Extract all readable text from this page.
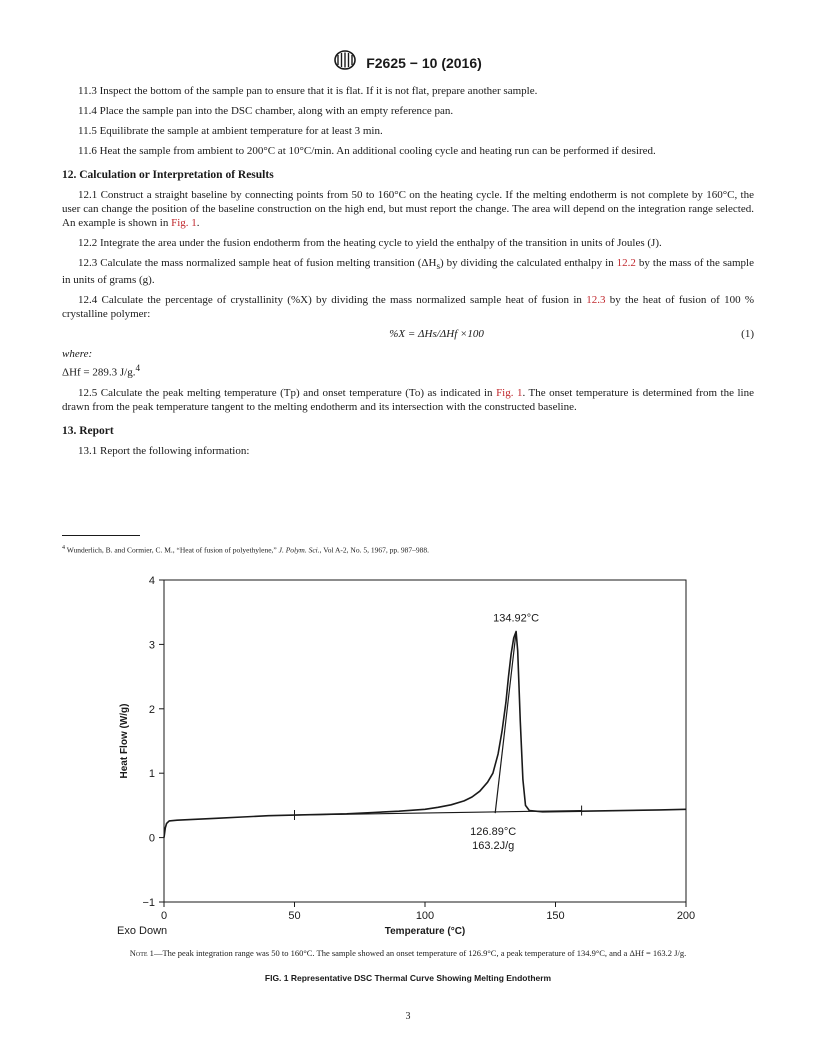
F2625 − 10 (2016)

11.3 Inspect the bottom of the sample pan to ensure that it is flat. If it is not flat, prepare another sample.

11.4 Place the sample pan into the DSC chamber, along with an empty reference pan.

11.5 Equilibrate the sample at ambient temperature for at least 3 min.

11.6 Heat the sample from ambient to 200°C at 10°C/min. An additional cooling cycle and heating run can be performed if desired.

12. Calculation or Interpretation of Results

12.1 Construct a straight baseline by connecting points from 50 to 160°C on the heating cycle. If the melting endotherm is not complete by 160°C, the user can change the position of the baseline construction on the high end, but must report the change. The area will depend on the integration range selected. An example is shown in Fig. 1.

12.2 Integrate the area under the fusion endotherm from the heating cycle to yield the enthalpy of the transition in units of Joules (J).

12.3 Calculate the mass normalized sample heat of fusion melting transition $(\Delta H_s)$ by dividing the calculated enthalpy in 12.2 by the mass of the sample in units of grams (g).

12.4 Calculate the percentage of crystallinity (%X) by dividing the mass normalized sample heat of fusion in 12.3 by the heat of fusion of 100 % crystalline polymer:

%X = ΔHs/ΔHf ×100	(1)

where:

ΔHf = 289.3 J/g.$^4$

12.5 Calculate the peak melting temperature (Tp) and onset temperature (To) as indicated in Fig. 1. The onset temperature is determined from the line drawn from the peak temperature tangent to the melting endotherm and its intersection with the constructed baseline.

13. Report

13.1 Report the following information:

$^4$ Wunderlich, B. and Cormier, C. M., “Heat of fusion of polyethylene,” J. Polym. Sci., Vol A-2, No. 5, 1967, pp. 987–988.
0	50	100	150	200
−1
0
1
2
3
4
Temperature (°C)
Heat Flow (W/g)
Exo Down
134.92°C
126.89°C
163.2J/g
Note 1—The peak integration range was 50 to 160°C. The sample showed an onset temperature of 126.9°C, a peak temperature of 134.9°C, and a ΔHf = 163.2 J/g.
FIG. 1 Representative DSC Thermal Curve Showing Melting Endotherm
3
